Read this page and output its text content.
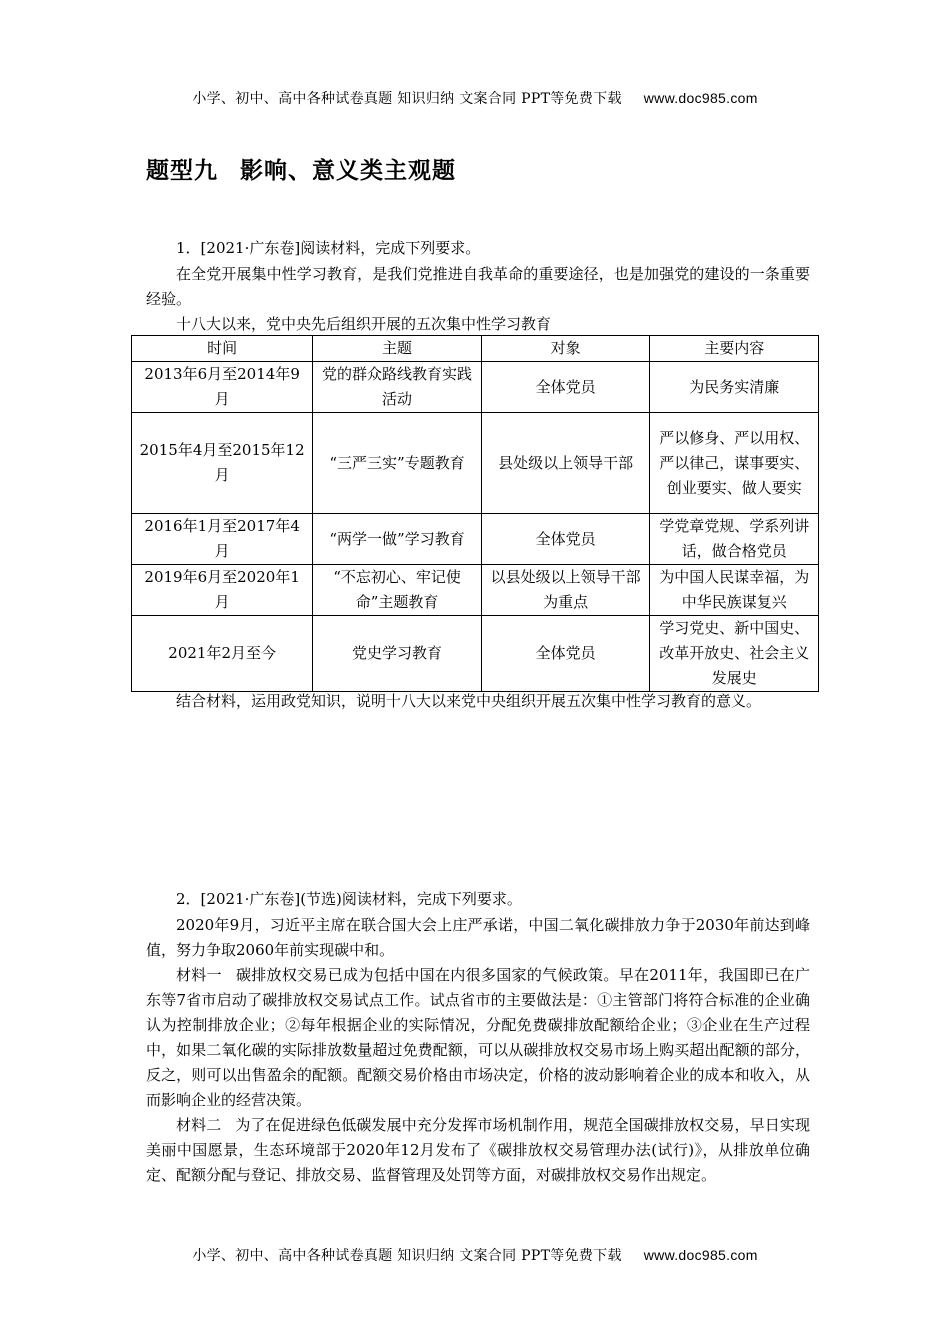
小学、初中、高中各种试卷真题 知识归纳 文案合同 PPT等免费下载 www.doc985.com
题型九 影响、意义类主观题
1．[2021·广东卷]阅读材料，完成下列要求。
在全党开展集中性学习教育，是我们党推进自我革命的重要途径，也是加强党的建设的一条重要经验。
十八大以来，党中央先后组织开展的五次集中性学习教育
时间	主题	对象	主要内容
2013年6月至2014年9月	党的群众路线教育实践活动	全体党员	为民务实清廉
2015年4月至2015年12月	“三严三实”专题教育	县处级以上领导干部	严以修身、严以用权、严以律己，谋事要实、创业要实、做人要实
2016年1月至2017年4月	“两学一做”学习教育	全体党员	学党章党规、学系列讲话，做合格党员
2019年6月至2020年1月	“不忘初心、牢记使命”主题教育	以县处级以上领导干部为重点	为中国人民谋幸福，为中华民族谋复兴
2021年2月至今	党史学习教育	全体党员	学习党史、新中国史、改革开放史、社会主义发展史
结合材料，运用政党知识，说明十八大以来党中央组织开展五次集中性学习教育的意义。
2．[2021·广东卷](节选)阅读材料，完成下列要求。

2020年9月，习近平主席在联合国大会上庄严承诺，中国二氧化碳排放力争于2030年前达到峰值，努力争取2060年前实现碳中和。

材料一 碳排放权交易已成为包括中国在内很多国家的气候政策。早在2011年，我国即已在广东等7省市启动了碳排放权交易试点工作。试点省市的主要做法是：①主管部门将符合标准的企业确认为控制排放企业；②每年根据企业的实际情况，分配免费碳排放配额给企业；③企业在生产过程中，如果二氧化碳的实际排放数量超过免费配额，可以从碳排放权交易市场上购买超出配额的部分，反之，则可以出售盈余的配额。配额交易价格由市场决定，价格的波动影响着企业的成本和收入，从而影响企业的经营决策。

材料二 为了在促进绿色低碳发展中充分发挥市场机制作用，规范全国碳排放权交易，早日实现美丽中国愿景，生态环境部于2020年12月发布了《碳排放权交易管理办法(试行)》，从排放单位确定、配额分配与登记、排放交易、监督管理及处罚等方面，对碳排放权交易作出规定。

小学、初中、高中各种试卷真题 知识归纳 文案合同 PPT等免费下载 www.doc985.com
